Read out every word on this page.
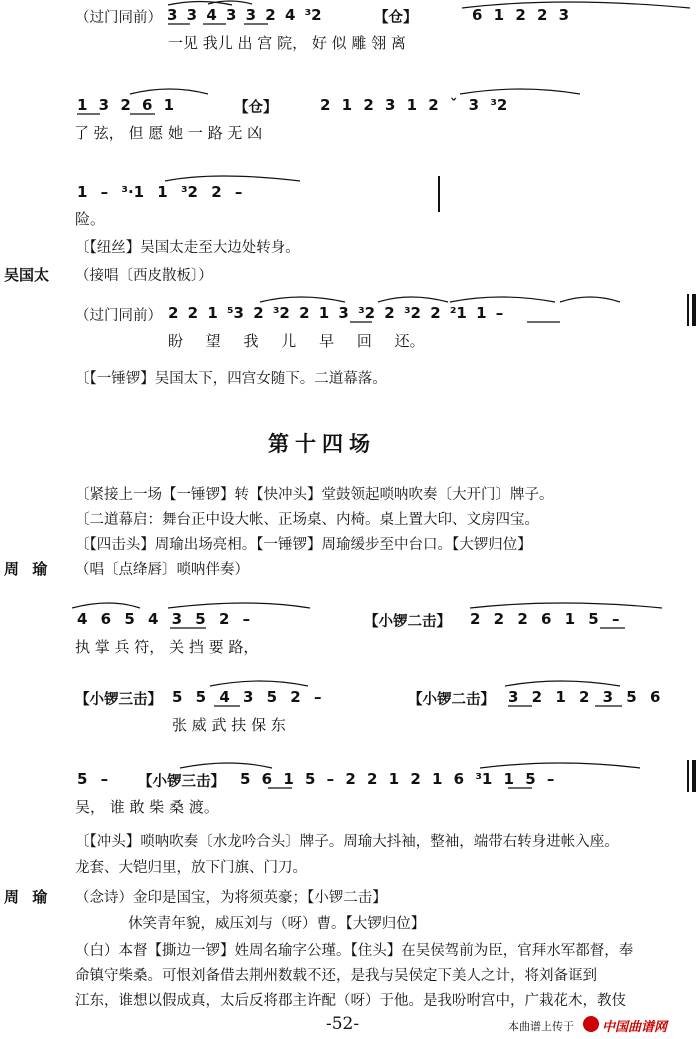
（过门同前） 3 3 4 3 3 2 4 ³2	【仓】	6 1 2 2 3
一见 我儿 出 宫 院， 好 似 雕 翎 离
1 3 2 6 1	【仓】	2 1 2 3 1 2 ˇ 3 ³2
了 弦， 但 愿 她 一 路 无 凶
1 – ³·1 1 ³2 2 –
险。
〔【纽丝】吴国太走至大边处转身。
吴国太 （接唱〔西皮散板〕）
（过门同前） 2 2 1 ⁵3 2 ³2 2 1 3 ³2 2 ³2 2 ²1 1 –
盼 望 我 儿 早 回 还。
〔【一锤锣】吴国太下，四宫女随下。二道幕落。
第十四场
〔紧接上一场【一锤锣】转【快冲头】堂鼓领起唢呐吹奏〔大开门〕牌子。
〔二道幕启：舞台正中设大帐、正场桌、内椅。桌上置大印、文房四宝。
〔【四击头】周瑜出场亮相。【一锤锣】周瑜缓步至中台口。【大锣归位】
周 瑜 （唱〔点绛唇〕唢呐伴奏）
4 6 5 4 3 5 2 –	【小锣二击】 2 2 2 6 1 5 –
执 掌 兵 符， 关 挡 要 路，
【小锣三击】 5 5 4 3 5 2 –	【小锣二击】 3 2 1 2 3 5 6
张 威 武 扶 保 东
5 – 【小锣三击】 5 6 1 5 – 2 2 1 2 1 6 ³1 1 5 –
吴， 谁 敢 柴 桑 渡。
〔【冲头】唢呐吹奏〔水龙吟合头〕牌子。周瑜大抖袖，整袖，端带右转身进帐入座。
龙套、大铠归里，放下门旗、门刀。
周 瑜 （念诗）金印是国宝，为将须英豪；【小锣二击】
休笑青年貌，威压刘与（呀）曹。【大锣归位】
（白）本督【撕边一锣】姓周名瑜字公瑾。【住头】在吴侯驾前为臣，官拜水军都督，奉
命镇守柴桑。可恨刘备借去荆州数载不还，是我与吴侯定下美人之计，将刘备诓到
江东，谁想以假成真，太后反将郡主许配（呀）于他。是我吩咐宫中，广栽花木，教伎
-52-	本曲谱上传于 中国曲谱网
